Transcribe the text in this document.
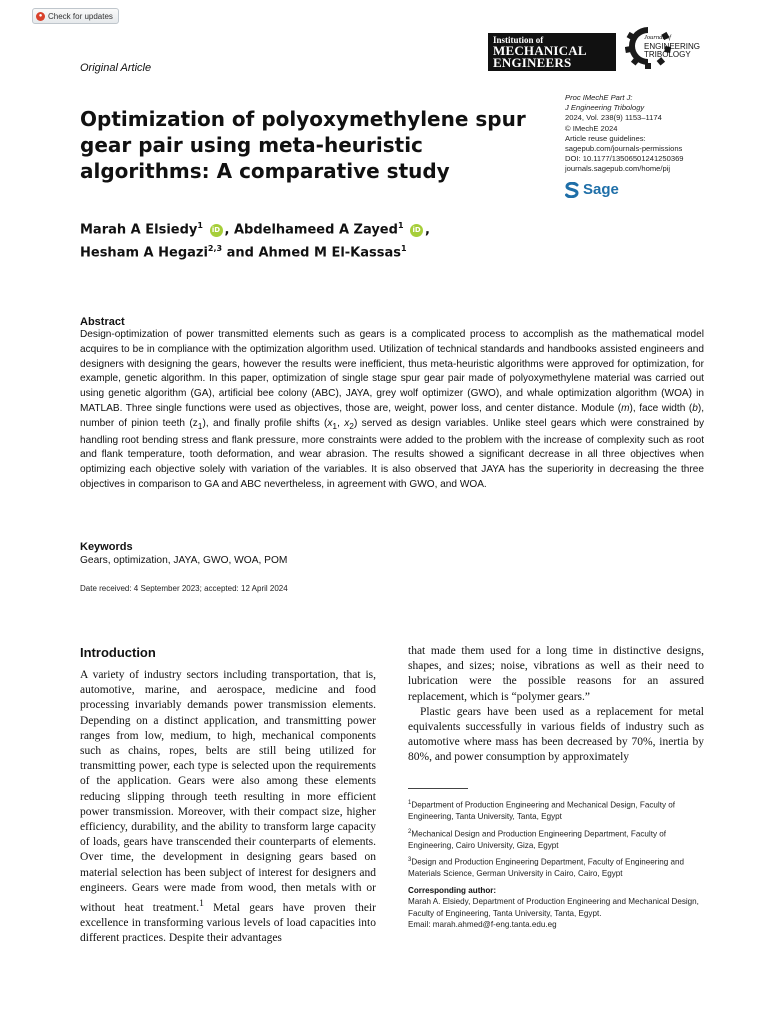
● Check for updates
Original Article
Institution of
MECHANICAL
ENGINEERS
Journal of
ENGINEERING
TRIBOLOGY
Optimization of polyoxymethylene spur gear pair using meta-heuristic algorithms: A comparative study
Proc IMechE Part J:
J Engineering Tribology
2024, Vol. 238(9) 1153–1174
© IMechE 2024
Article reuse guidelines:
sagepub.com/journals-permissions
DOI: 10.1177/13506501241250369
journals.sagepub.com/home/pij
Sage
Marah A Elsiedy$^1$ iD , Abdelhameed A Zayed$^1$ iD ,
Hesham A Hegazi$^{2,3}$ and Ahmed M El-Kassas$^1$
Abstract

Design-optimization of power transmitted elements such as gears is a complicated process to accomplish as the mathematical model acquires to be in compliance with the optimization algorithm used. Utilization of technical standards and handbooks assisted engineers and designers with designing the gears, however the results were inefficient, thus meta-heuristic algorithms were approved for optimization, for example, genetic algorithm. In this paper, optimization of single stage spur gear pair made of polyoxymethylene material was carried out using genetic algorithm (GA), artificial bee colony (ABC), JAYA, grey wolf optimizer (GWO), and whale optimization algorithm (WOA) in MATLAB. Three single functions were used as objectives, those are, weight, power loss, and center distance. Module (m), face width (b), number of pinion teeth $(z_1)$, and finally profile shifts ($x_1$, $x_2$) served as design variables. Unlike steel gears which were constrained by handling root bending stress and flank pressure, more constraints were added to the problem with the increase of complexity such as root and flank temperature, tooth deformation, and wear abrasion. The results showed a significant decrease in all three objectives when optimizing each objective solely with variation of the variables. It is also observed that JAYA has the superiority in decreasing the three objectives in comparison to GA and ABC nevertheless, in agreement with GWO, and WOA.

Keywords

Gears, optimization, JAYA, GWO, WOA, POM

Date received: 4 September 2023; accepted: 12 April 2024
Introduction

A variety of industry sectors including transportation, that is, automotive, marine, and aerospace, medicine and food processing invariably demands power transmission elements. Depending on a distinct application, and transmitting power ranges from low, medium, to high, mechanical components such as chains, ropes, belts are still being utilized for transmitting power, each type is selected upon the requirements of the application. Gears were also among these elements reducing slipping through teeth resulting in more efficient power transmission. Moreover, with their compact size, higher efficiency, durability, and the ability to transform large capacity of loads, gears have transcended their counterparts of elements. Over time, the development in designing gears based on material selection has been subject of interest for designers and engineers. Gears were made from wood, then metals with or without heat treatment.$^1$ Metal gears have proven their excellence in transforming various levels of load capacities into different practices. Despite their advantages

that made them used for a long time in distinctive designs, shapes, and sizes; noise, vibrations as well as their need to lubrication were the possible reasons for an assured replacement, which is “polymer gears.”

Plastic gears have been used as a replacement for metal equivalents successfully in various fields of industry such as automotive where mass has been decreased by 70%, inertia by 80%, and power consumption by approximately

$^1$Department of Production Engineering and Mechanical Design, Faculty of Engineering, Tanta University, Tanta, Egypt

$^2$Mechanical Design and Production Engineering Department, Faculty of Engineering, Cairo University, Giza, Egypt

$^3$Design and Production Engineering Department, Faculty of Engineering and Materials Science, German University in Cairo, Cairo, Egypt

Corresponding author:

Marah A. Elsiedy, Department of Production Engineering and Mechanical Design, Faculty of Engineering, Tanta University, Tanta, Egypt.

Email: marah.ahmed@f-eng.tanta.edu.eg
